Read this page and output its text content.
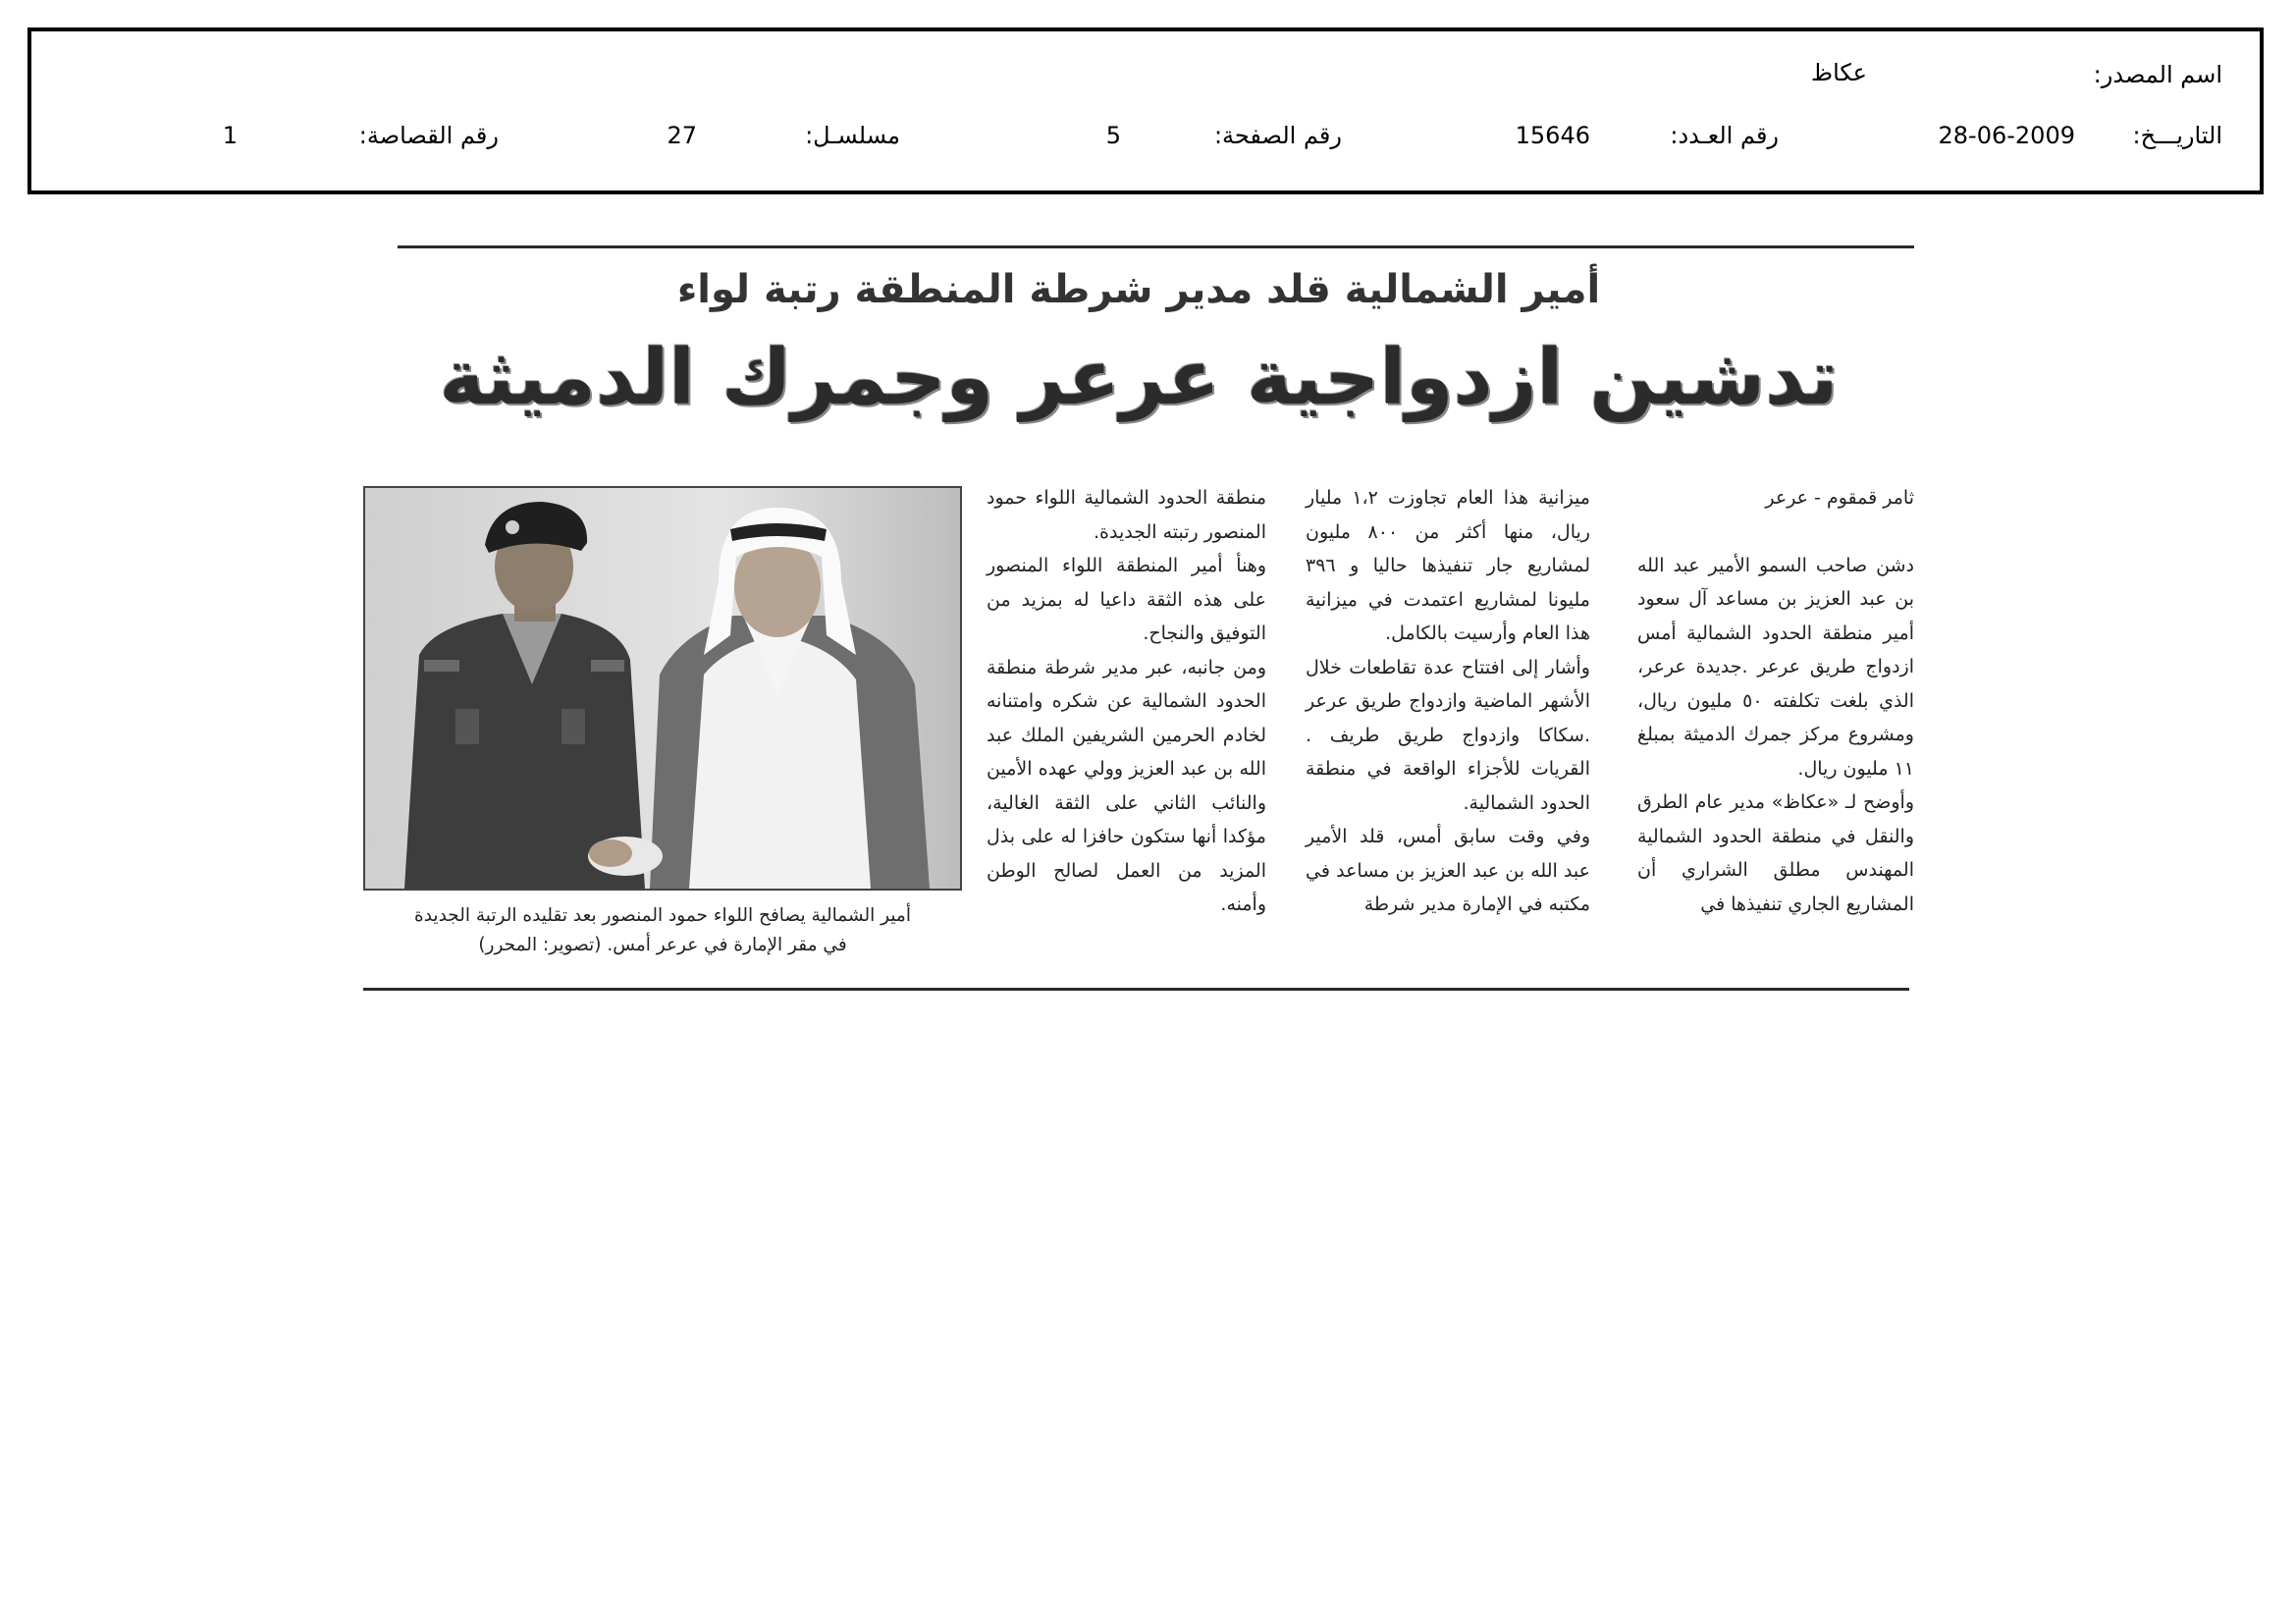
اسم المصدر:
عكاظ
التاريـــخ:
28-06-2009
رقم العـدد:
15646
رقم الصفحة:
5
مسلسـل:
27
رقم القصاصة:
1
أمير الشمالية قلد مدير شرطة المنطقة رتبة لواء
تدشين ازدواجية عرعر وجمرك الدميثة

ثامر قمقوم - عرعر

دشن صاحب السمو الأمير عبد الله بن عبد العزيز بن مساعد آل سعود أمير منطقة الحدود الشمالية أمس ازدواج طريق عرعر .جديدة عرعر، الذي بلغت تكلفته ٥٠ مليون ريال، ومشروع مركز جمرك الدميثة بمبلغ ١١ مليون ريال.

وأوضح لـ «عكاظ» مدير عام الطرق والنقل في منطقة الحدود الشمالية المهندس مطلق الشراري أن المشاريع الجاري تنفيذها في

ميزانية هذا العام تجاوزت ١،٢ مليار ريال، منها أكثر من ٨٠٠ مليون لمشاريع جار تنفيذها حاليا و ٣٩٦ مليونا لمشاريع اعتمدت في ميزانية هذا العام وأرسيت بالكامل.

وأشار إلى افتتاح عدة تقاطعات خلال الأشهر الماضية وازدواج طريق عرعر .سكاكا وازدواج طريق طريف . القريات للأجزاء الواقعة في منطقة الحدود الشمالية.

وفي وقت سابق أمس، قلد الأمير عبد الله بن عبد العزيز بن مساعد في مكتبه في الإمارة مدير شرطة

منطقة الحدود الشمالية اللواء حمود المنصور رتبته الجديدة.

وهنأ أمير المنطقة اللواء المنصور على هذه الثقة داعيا له بمزيد من التوفيق والنجاح.

ومن جانبه، عبر مدير شرطة منطقة الحدود الشمالية عن شكره وامتنانه لخادم الحرمين الشريفين الملك عبد الله بن عبد العزيز وولي عهده الأمين والنائب الثاني على الثقة الغالية، مؤكدا أنها ستكون حافزا له على بذل المزيد من العمل لصالح الوطن وأمنه.

أمير الشمالية يصافح اللواء حمود المنصور بعد تقليده الرتبة الجديدة
في مقر الإمارة في عرعر أمس. (تصوير: المحرر)
